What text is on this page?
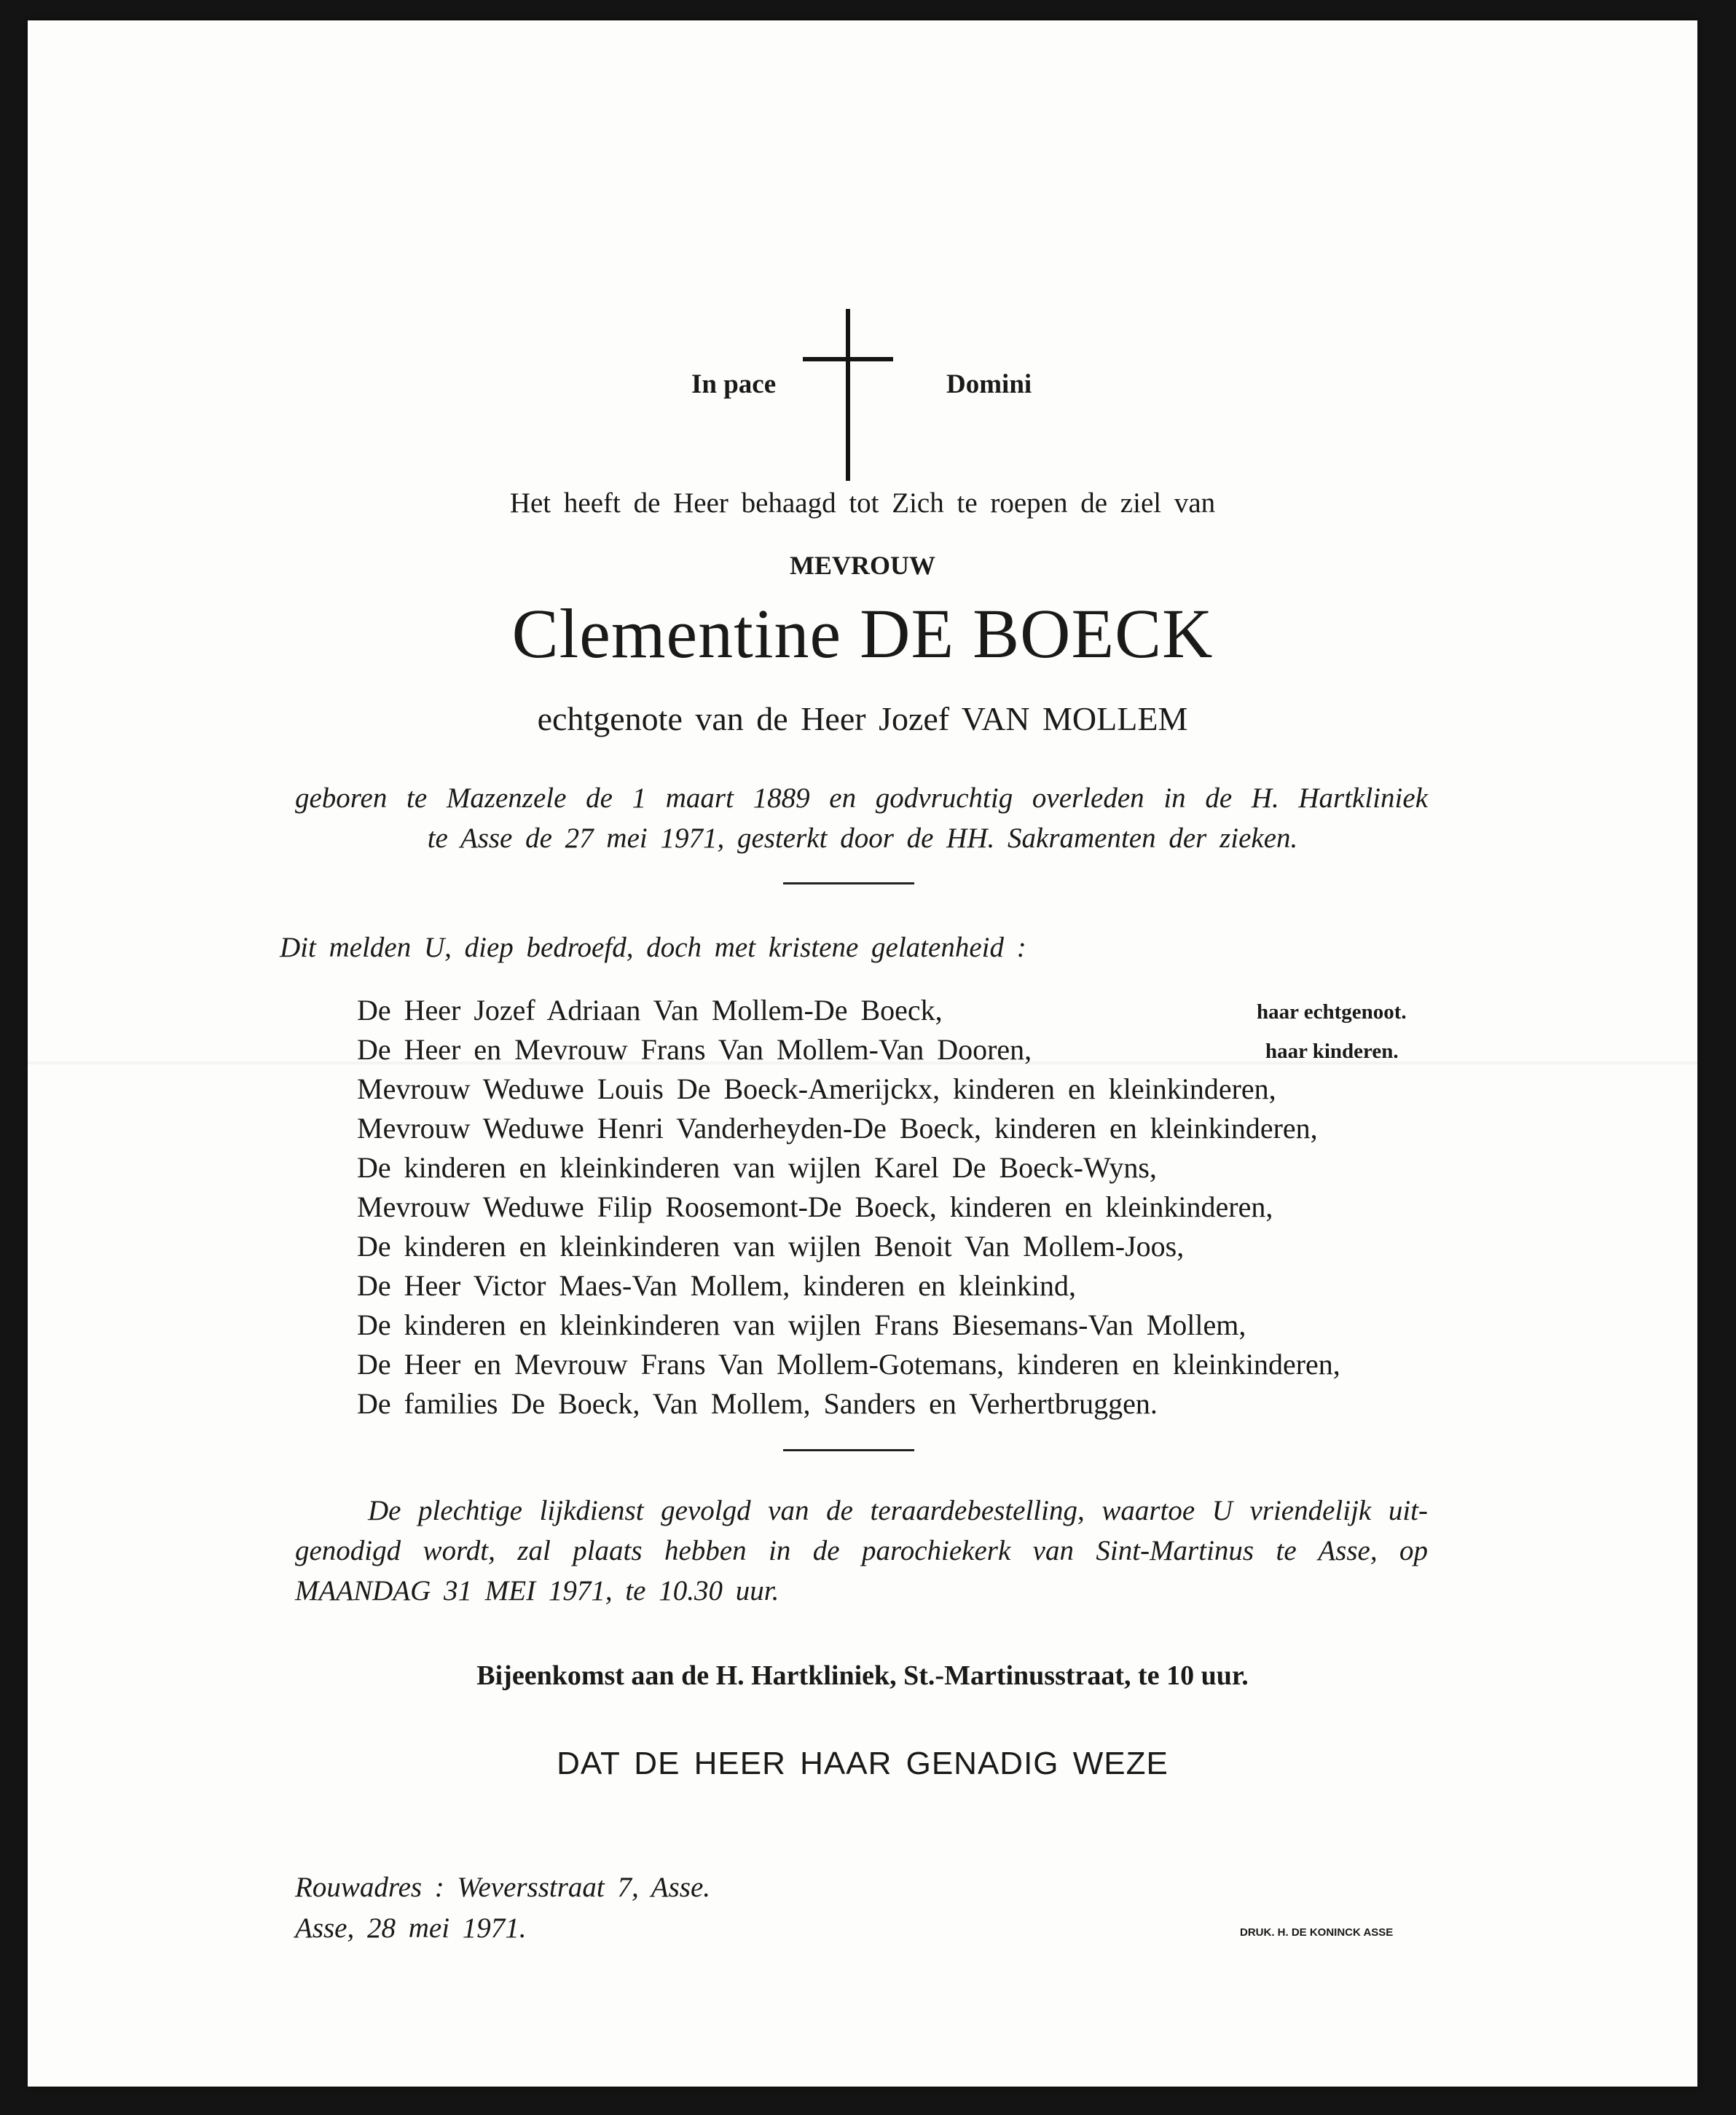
In pace	Domini
Het heeft de Heer behaagd tot Zich te roepen de ziel van
MEVROUW
Clementine DE BOECK
echtgenote van de Heer Jozef VAN MOLLEM
geboren te Mazenzele de 1 maart 1889 en godvruchtig overleden in de H. Hartkliniek
te Asse de 27 mei 1971, gesterkt door de HH. Sakramenten der zieken.
Dit melden U, diep bedroefd, doch met kristene gelatenheid :
De Heer Jozef Adriaan Van Mollem-De Boeck,	haar echtgenoot.
De Heer en Mevrouw Frans Van Mollem-Van Dooren,	haar kinderen.
Mevrouw Weduwe Louis De Boeck-Amerijckx, kinderen en kleinkinderen,
Mevrouw Weduwe Henri Vanderheyden-De Boeck, kinderen en kleinkinderen,
De kinderen en kleinkinderen van wijlen Karel De Boeck-Wyns,
Mevrouw Weduwe Filip Roosemont-De Boeck, kinderen en kleinkinderen,
De kinderen en kleinkinderen van wijlen Benoit Van Mollem-Joos,
De Heer Victor Maes-Van Mollem, kinderen en kleinkind,
De kinderen en kleinkinderen van wijlen Frans Biesemans-Van Mollem,
De Heer en Mevrouw Frans Van Mollem-Gotemans, kinderen en kleinkinderen,
De families De Boeck, Van Mollem, Sanders en Verhertbruggen.
De plechtige lijkdienst gevolgd van de teraardebestelling, waartoe U vriendelijk uit-
genodigd wordt, zal plaats hebben in de parochiekerk van Sint-Martinus te Asse, op
MAANDAG 31 MEI 1971, te 10.30 uur.
Bijeenkomst aan de H. Hartkliniek, St.-Martinusstraat, te 10 uur.
DAT DE HEER HAAR GENADIG WEZE
Rouwadres : Weversstraat 7, Asse.
Asse, 28 mei 1971.	DRUK. H. DE KONINCK ASSE
